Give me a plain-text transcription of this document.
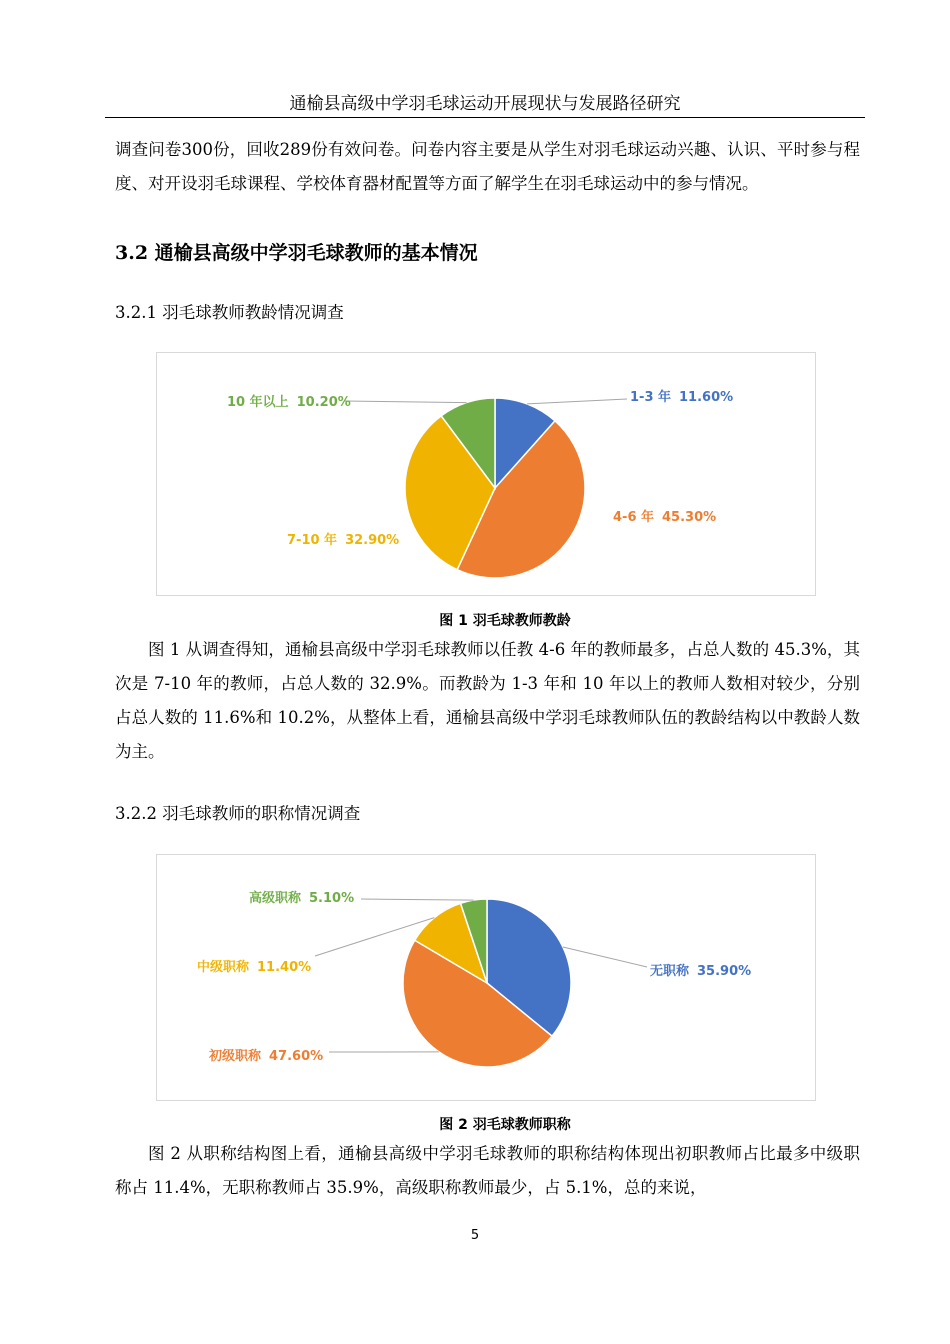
通榆县高级中学羽毛球运动开展现状与发展路径研究
调查问卷300份，回收289份有效问卷。问卷内容主要是从学生对羽毛球运动兴趣、认识、平时参与程度、对开设羽毛球课程、学校体育器材配置等方面了解学生在羽毛球运动中的参与情况。
3.2 通榆县高级中学羽毛球教师的基本情况
3.2.1 羽毛球教师教龄情况调查
1-3 年 11.60%
4-6 年 45.30%
7-10 年 32.90%
10 年以上 10.20%
图 1 羽毛球教师教龄
图 1 从调查得知，通榆县高级中学羽毛球教师以任教 4-6 年的教师最多，占总人数的 45.3%，其次是 7-10 年的教师，占总人数的 32.9%。而教龄为 1-3 年和 10 年以上的教师人数相对较少，分别占总人数的 11.6%和 10.2%，从整体上看，通榆县高级中学羽毛球教师队伍的教龄结构以中教龄人数为主。
3.2.2 羽毛球教师的职称情况调查
无职称 35.90%
初级职称 47.60%
中级职称 11.40%
高级职称 5.10%
图 2 羽毛球教师职称
图 2 从职称结构图上看，通榆县高级中学羽毛球教师的职称结构体现出初职教师占比最多中级职称占 11.4%，无职称教师占 35.9%，高级职称教师最少，占 5.1%，总的来说，
5
